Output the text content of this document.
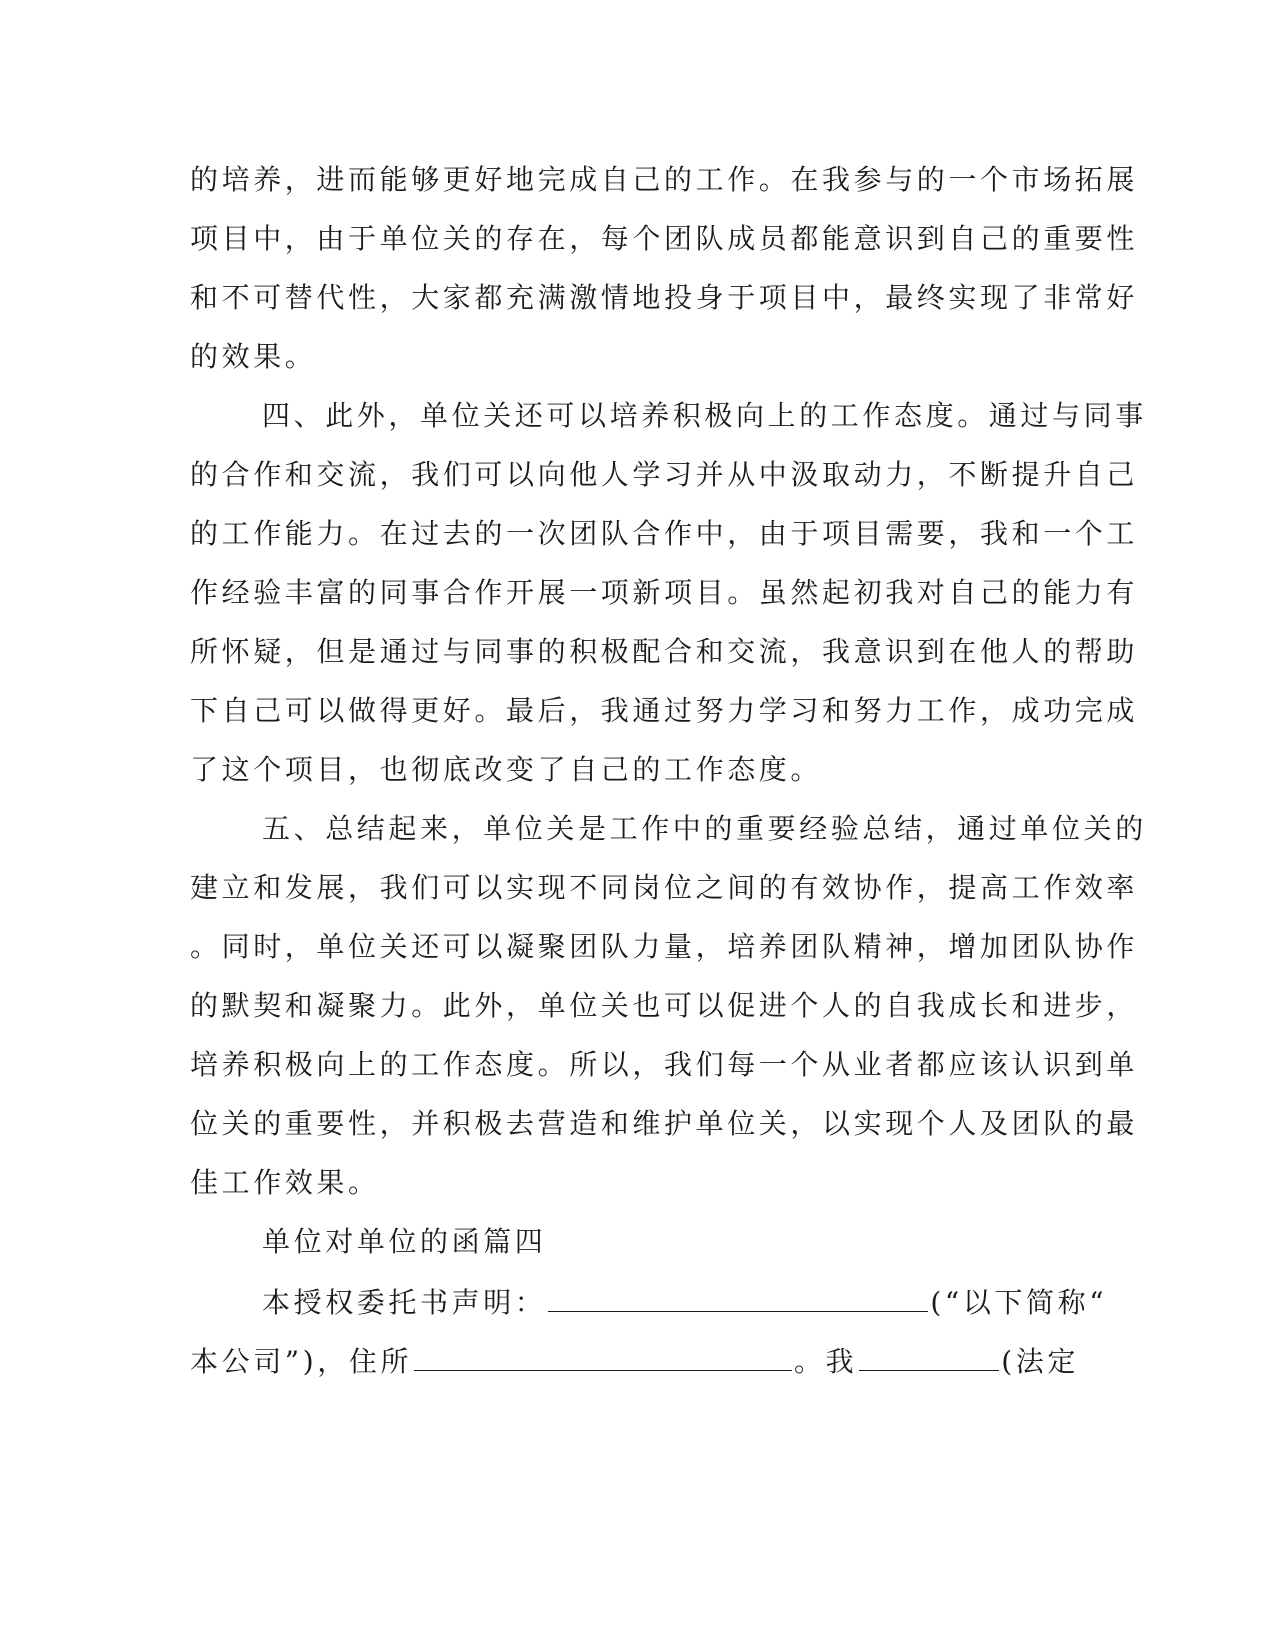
的培养，进而能够更好地完成自己的工作。在我参与的一个市场拓展
项目中，由于单位关的存在，每个团队成员都能意识到自己的重要性
和不可替代性，大家都充满激情地投身于项目中，最终实现了非常好
的效果。
四、此外，单位关还可以培养积极向上的工作态度。通过与同事
的合作和交流，我们可以向他人学习并从中汲取动力，不断提升自己
的工作能力。在过去的一次团队合作中，由于项目需要，我和一个工
作经验丰富的同事合作开展一项新项目。虽然起初我对自己的能力有
所怀疑，但是通过与同事的积极配合和交流，我意识到在他人的帮助
下自己可以做得更好。最后，我通过努力学习和努力工作，成功完成
了这个项目，也彻底改变了自己的工作态度。
五、总结起来，单位关是工作中的重要经验总结，通过单位关的
建立和发展，我们可以实现不同岗位之间的有效协作，提高工作效率
。同时，单位关还可以凝聚团队力量，培养团队精神，增加团队协作
的默契和凝聚力。此外，单位关也可以促进个人的自我成长和进步，
培养积极向上的工作态度。所以，我们每一个从业者都应该认识到单
位关的重要性，并积极去营造和维护单位关，以实现个人及团队的最
佳工作效果。
单位对单位的函篇四
本授权委托书声明：	(“以下简称“
本公司”)，住所	。我	(法定
